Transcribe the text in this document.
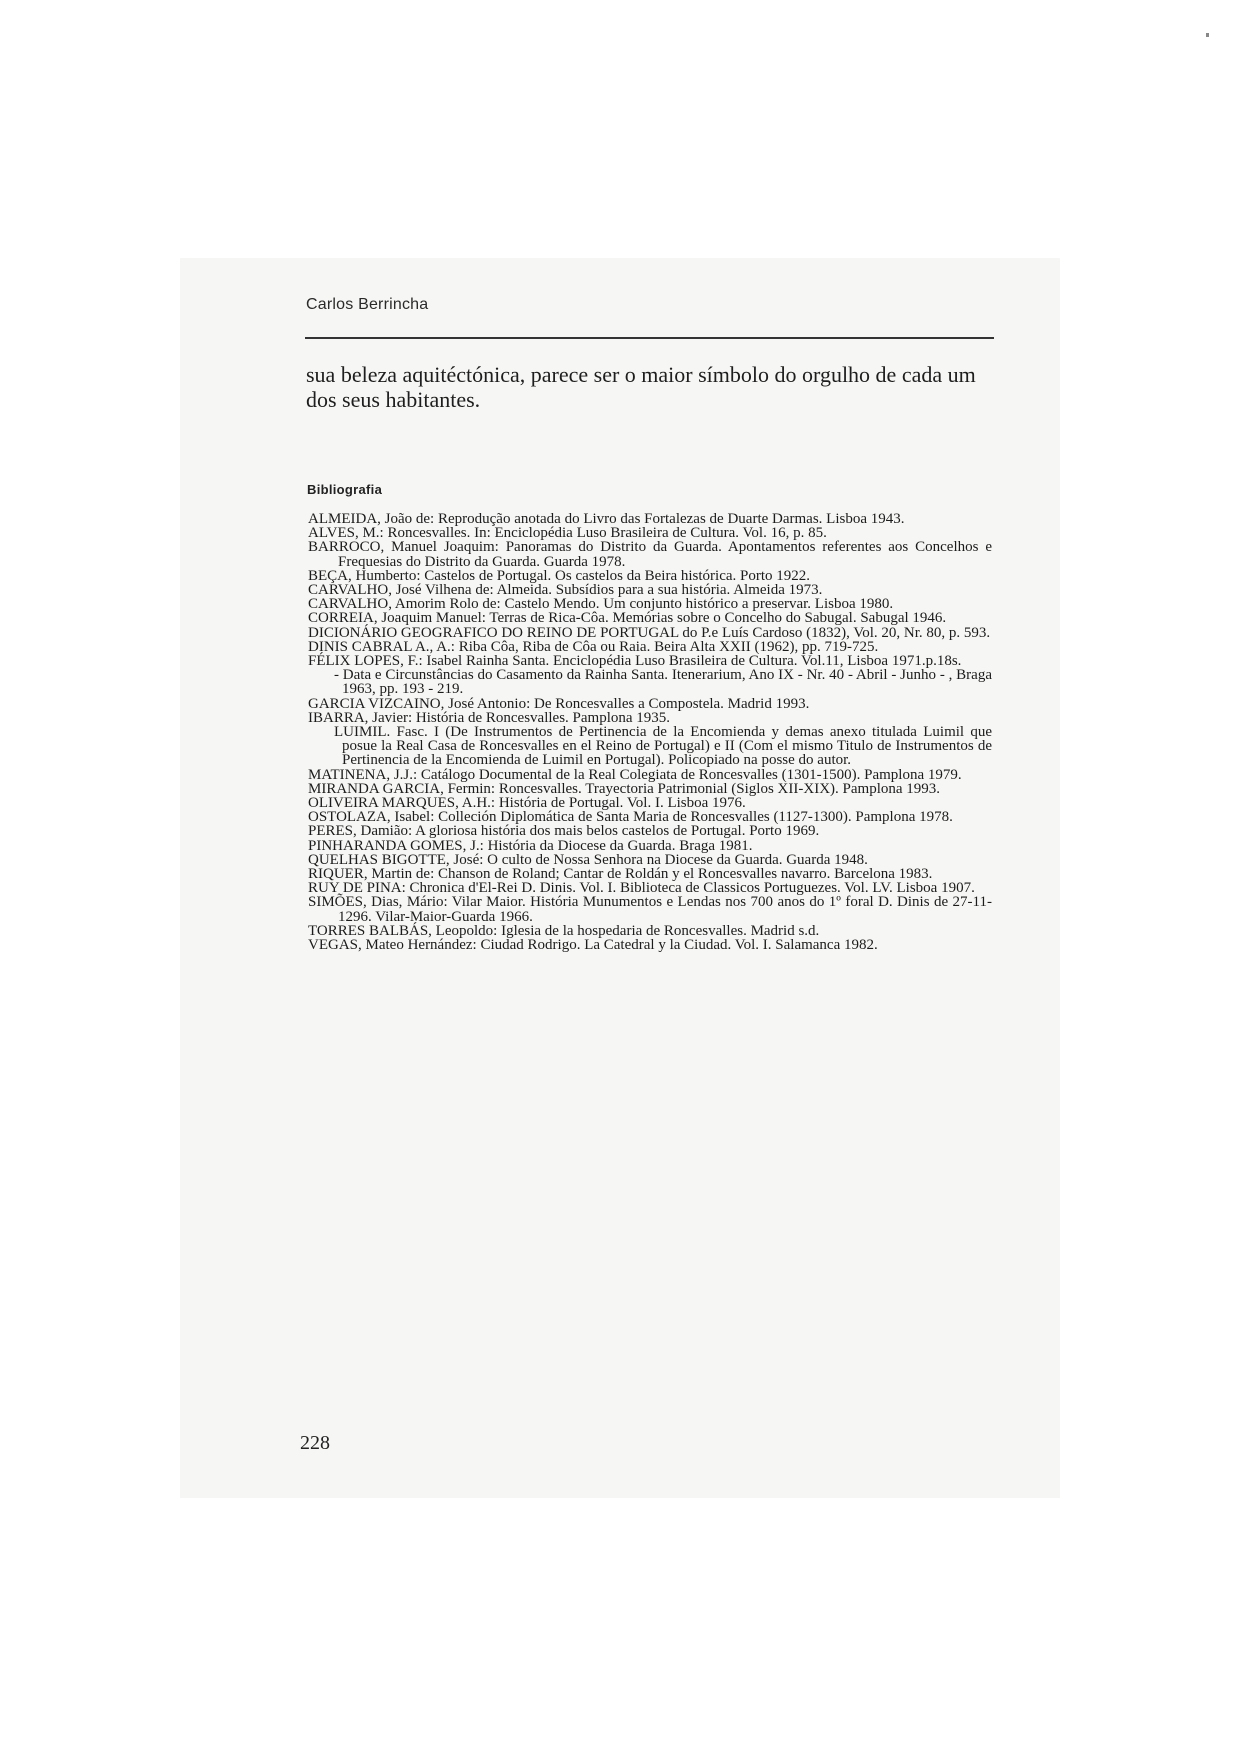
Carlos Berrincha

sua beleza aquitéctónica, parece ser o maior símbolo do orgulho de cada um dos seus habitantes.

Bibliografia
ALMEIDA, João de: Reprodução anotada do Livro das Fortalezas de Duarte Darmas. Lisboa 1943.
ALVES, M.: Roncesvalles. In: Enciclopédia Luso Brasileira de Cultura. Vol. 16, p. 85.
BARROCO, Manuel Joaquim: Panoramas do Distrito da Guarda. Apontamentos referentes aos Concelhos e Frequesias do Distrito da Guarda. Guarda 1978.
BEÇA, Humberto: Castelos de Portugal. Os castelos da Beira histórica. Porto 1922.
CARVALHO, José Vilhena de: Almeida. Subsídios para a sua história. Almeida 1973.
CARVALHO, Amorim Rolo de: Castelo Mendo. Um conjunto histórico a preservar. Lisboa 1980.
CORREIA, Joaquim Manuel: Terras de Rica-Côa. Memórias sobre o Concelho do Sabugal. Sabugal 1946.
DICIONÁRIO GEOGRAFICO DO REINO DE PORTUGAL do P.e Luís Cardoso (1832), Vol. 20, Nr. 80, p. 593.
DINIS CABRAL A., A.: Riba Côa, Riba de Côa ou Raia. Beira Alta XXII (1962), pp. 719-725.
FÉLIX LOPES, F.: Isabel Rainha Santa. Enciclopédia Luso Brasileira de Cultura. Vol.11, Lisboa 1971.p.18s.
- Data e Circunstâncias do Casamento da Rainha Santa. Itenerarium, Ano IX - Nr. 40 - Abril - Junho - , Braga 1963, pp. 193 - 219.
GARCIA VIZCAINO, José Antonio: De Roncesvalles a Compostela. Madrid 1993.
IBARRA, Javier: História de Roncesvalles. Pamplona 1935.
LUIMIL. Fasc. I (De Instrumentos de Pertinencia de la Encomienda y demas anexo titulada Luimil que posue la Real Casa de Roncesvalles en el Reino de Portugal) e II (Com el mismo Titulo de Instrumentos de Pertinencia de la Encomienda de Luimil en Portugal). Policopiado na posse do autor.
MATINENA, J.J.: Catálogo Documental de la Real Colegiata de Roncesvalles (1301-1500). Pamplona 1979.
MIRANDA GARCIA, Fermin: Roncesvalles. Trayectoria Patrimonial (Siglos XII-XIX). Pamplona 1993.
OLIVEIRA MARQUES, A.H.: História de Portugal. Vol. I. Lisboa 1976.
OSTOLAZA, Isabel: Colleción Diplomática de Santa Maria de Roncesvalles (1127-1300). Pamplona 1978.
PERES, Damião: A gloriosa história dos mais belos castelos de Portugal. Porto 1969.
PINHARANDA GOMES, J.: História da Diocese da Guarda. Braga 1981.
QUELHAS BIGOTTE, José: O culto de Nossa Senhora na Diocese da Guarda. Guarda 1948.
RIQUER, Martin de: Chanson de Roland; Cantar de Roldán y el Roncesvalles navarro. Barcelona 1983.
RUY DE PINA: Chronica d'El-Rei D. Dinis. Vol. I. Biblioteca de Classicos Portuguezes. Vol. LV. Lisboa 1907.
SIMÕES, Dias, Mário: Vilar Maior. História Munumentos e Lendas nos 700 anos do 1º foral D. Dinis de 27-11-1296. Vilar-Maior-Guarda 1966.
TORRES BALBÁS, Leopoldo: Iglesia de la hospedaria de Roncesvalles. Madrid s.d.
VEGAS, Mateo Hernández: Ciudad Rodrigo. La Catedral y la Ciudad. Vol. I. Salamanca 1982.
228
